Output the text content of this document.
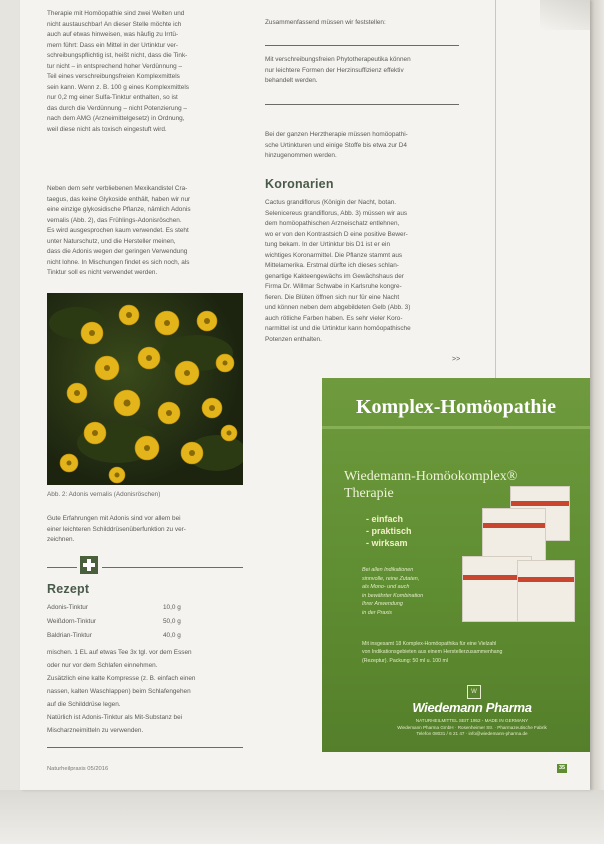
Therapie mit Homöopathie sind zwei Welten und

nicht austauschbar! An dieser Stelle möchte ich

auch auf etwas hinweisen, was häufig zu Irrtü-

mern führt: Dass ein Mittel in der Urtinktur ver-

schreibungspflichtig ist, heißt nicht, dass die Tink-

tur nicht – in entsprechend hoher Verdünnung –

Teil eines verschreibungsfreien Komplexmittels

sein kann. Wenn z. B. 100 g eines Komplexmittels

nur 0,2 mg einer Sulfa-Tinktur enthalten, so ist

das durch die Verdünnung – nicht Potenzierung –

nach dem AMG (Arzneimittelgesetz) in Ordnung,

weil diese nicht als toxisch eingestuft wird.

Neben dem sehr verbliebenen Mexikandistel Cra-

taegus, das keine Glykoside enthält, haben wir nur

eine einzige glykosidische Pflanze, nämlich Adonis

vernalis (Abb. 2), das Frühlings-Adonisröschen.

Es wird ausgesprochen kaum verwendet. Es steht

unter Naturschutz, und die Hersteller meinen,

dass die Adonis wegen der geringen Verwendung

nicht lohne. In Mischungen findet es sich noch, als

Tinktur soll es nicht verwendet werden.

Abb. 2: Adonis vernalis (Adonisröschen)

Gute Erfahrungen mit Adonis sind vor allem bei

einer leichteren Schilddrüsenüberfunktion zu ver-

zeichnen.

Rezept
Adonis-Tinktur	10,0 g
Weißdorn-Tinktur	50,0 g
Baldrian-Tinktur	40,0 g

mischen. 1 EL auf etwas Tee 3x tgl. vor dem Essen

oder nur vor dem Schlafen einnehmen.

Zusätzlich eine kalte Kompresse (z. B. einfach einen

nassen, kalten Waschlappen) beim Schlafengehen

auf die Schilddrüse legen.

Natürlich ist Adonis-Tinktur als Mit-Substanz bei

Mischarzneimitteln zu verwenden.

Zusammenfassend müssen wir feststellen:

Mit verschreibungsfreien Phytotherapeutika können

nur leichtere Formen der Herzinsuffizienz effektiv

behandelt werden.

Bei der ganzen Herztherapie müssen homöopathi-

sche Urtinkturen und einige Stoffe bis etwa zur D4

hinzugenommen werden.

Koronarien

Cactus grandiflorus (Königin der Nacht, botan.

Selenicereus grandiflorus, Abb. 3) müssen wir aus

dem homöopathischen Arzneischatz entlehnen,

wo er von den Kontrastsich D eine positive Bewer-

tung bekam. In der Urtinktur bis D1 ist er ein

wichtiges Koronarmittel. Die Pflanze stammt aus

Mittelamerika. Erstmal dürfte ich dieses schlan-

genartige Kakteengewächs im Gewächshaus der

Firma Dr. Willmar Schwabe in Karlsruhe kongre-

fieren. Die Blüten öffnen sich nur für eine Nacht

und können neben dem abgebildeten Gelb (Abb. 3)

auch rötliche Farben haben. Es sehr vieler Koro-

narmittel ist und die Urtinktur kann homöopathische

Potenzen enthalten.

>>
Komplex-Homöopathie
Wiedemann-Homöokomplex®
Therapie
- einfach
- praktisch
- wirksam
Bei allen Indikationen
sinnvolle, reine Zutaten,
als Mono- und auch
in bewährter Kombination
Ihrer Anwendung
in der Praxis
Mit insgesamt 18 Komplex-Homöopathika für eine Vielzahl
von Indikationsgebieten aus einem Herstellerzusammenhang
(Rezeptur). Packung: 50 ml u. 100 ml
W
Wiedemann Pharma
NATURHEILMITTEL SEIT 1952 - MADE IN GERMANY
Wiedemann Pharma GmbH · Rosenheimer Str. · Pharmazeutische Fabrik
Telefon 08031 / 6 21 47 · info@wiedemann-pharma.de
Naturheilpraxis 05/2016	35
